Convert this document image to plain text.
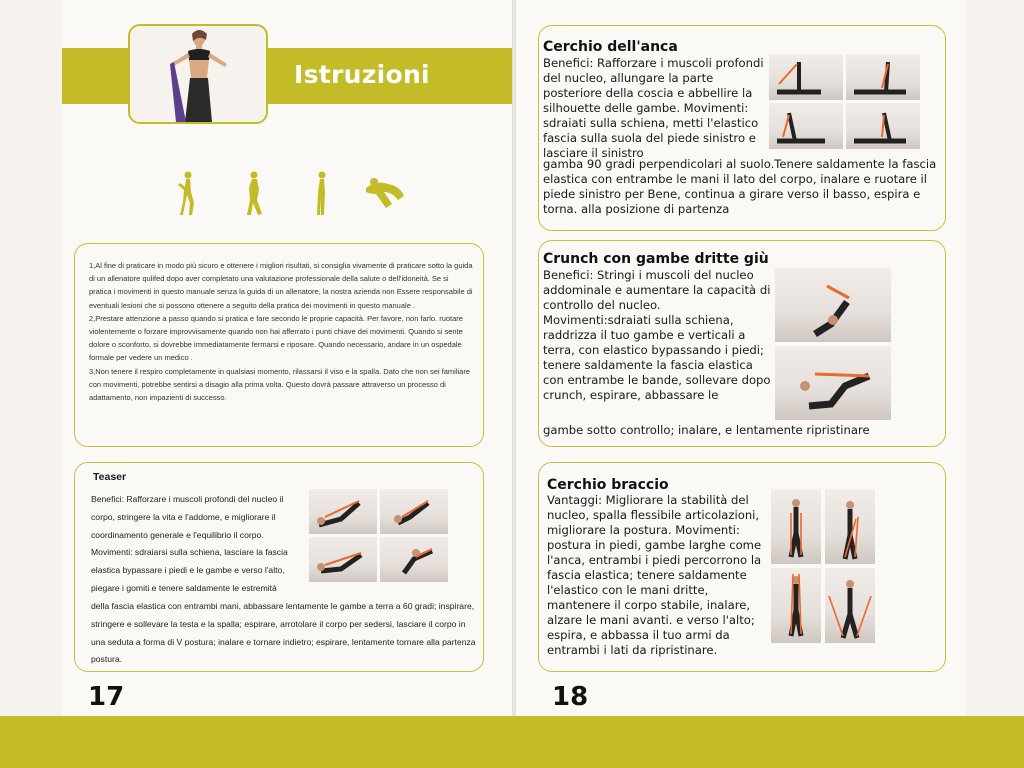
Istruzioni

1,Al fine di praticare in modo più sicuro e ottenere i migliori risultati, si consiglia vivamente di praticare sotto la guida di un allenatore qulifed dopo aver completato una valutazione professionale della salute o dell'idoneità. Se si pratica i movimenti in questo manuale senza la guida di un allenatore, la nostra azienda non Essere responsabile di eventuali lesioni che si possono ottenere a seguito della pratica dei movimenti in questo manuale .

2,Prestare attenzione a passo quando si pratica e fare secondo le proprie capacità. Per favore, non farlo. ruotare violentemente o forzare improvvisamente quando non hai afferrato i punti chiave dei movimenti. Quando si sente dolore o sconforto, si dovrebbe immediatamente fermarsi e riposare. Quando necessario, andare in un ospedale formale per vedere un medico .

3,Non tenere il respiro completamente in qualsiasi momento, rilassarsi il viso e la spalla. Dato che non sei familiare con movimenti, potrebbe sentirsi a disagio alla prima volta. Questo dovrà passare attraverso un processo di adattamento, non impazienti di successo.

Teaser
Benefici: Rafforzare i muscoli profondi del nucleo il corpo, stringere la vita e l'addome, e migliorare il coordinamento generale e l'equilibrio il corpo. Movimenti: sdraiarsi sulla schiena, lasciare la fascia elastica bypassare i piedi e le gambe e verso l'alto, piegare i gomiti e tenere saldamente le estremità
della fascia elastica con entrambi mani, abbassare lentamente le gambe a terra a 60 gradi; inspirare, stringere e sollevare la testa e la spalla; espirare, arrotolare il corpo per sedersi, lasciare il corpo in una seduta a forma di V postura; inalare e tornare indietro; espirare, lentamente tornare alla partenza postura.
17
Cerchio dell'anca
Benefici: Rafforzare i muscoli profondi del nucleo, allungare la parte posteriore della coscia e abbellire la silhouette delle gambe. Movimenti: sdraiati sulla schiena, metti l'elastico fascia sulla suola del piede sinistro e lasciare il sinistro
gamba 90 gradi perpendicolari al suolo.Tenere saldamente la fascia elastica con entrambe le mani il lato del corpo, inalare e ruotare il piede sinistro per Bene, continua a girare verso il basso, espira e torna. alla posizione di partenza
Crunch con gambe dritte giù
Benefici: Stringi i muscoli del nucleo addominale e aumentare la capacità di controllo del nucleo. Movimenti:sdraiati sulla schiena, raddrizza il tuo gambe e verticali a terra, con elastico bypassando i piedi; tenere saldamente la fascia elastica con entrambe le bande, sollevare dopo crunch, espirare, abbassare le
gambe sotto controllo; inalare, e lentamente ripristinare
Cerchio braccio
Vantaggi: Migliorare la stabilità del nucleo, spalla flessibile articolazioni, migliorare la postura. Movimenti: postura in piedi, gambe larghe come l'anca, entrambi i piedi percorrono la fascia elastica; tenere saldamente l'elastico con le mani dritte, mantenere il corpo stabile, inalare, alzare le mani avanti. e verso l'alto; espira, e abbassa il tuo armi da entrambi i lati da ripristinare.
18
